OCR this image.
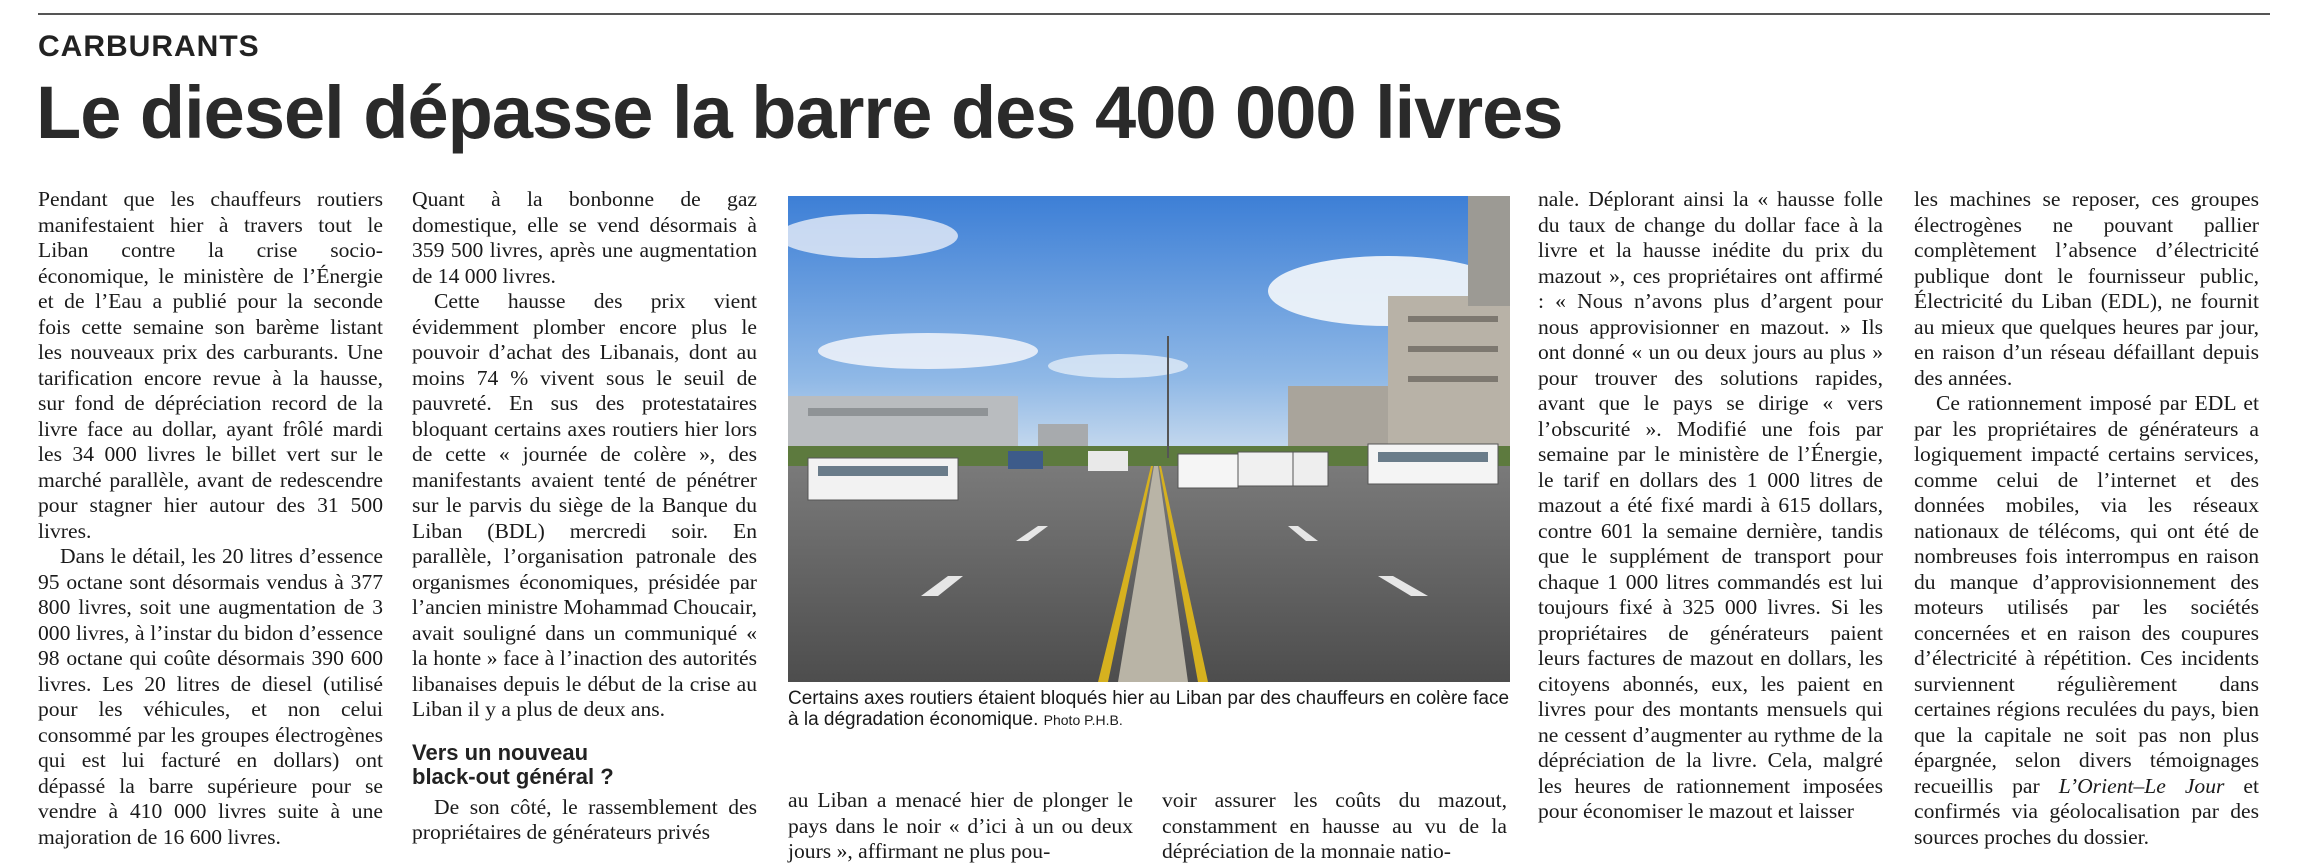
CARBURANTS
Le diesel dépasse la barre des 400 000 livres

Pendant que les chauffeurs routiers manifestaient hier à travers tout le Liban contre la crise socio-économique, le ministère de l’Énergie et de l’Eau a publié pour la seconde fois cette semaine son barème listant les nouveaux prix des carburants. Une tarification encore revue à la hausse, sur fond de dépréciation record de la livre face au dollar, ayant frôlé mardi les 34 000 livres le billet vert sur le marché parallèle, avant de redescendre pour stagner hier autour des 31 500 livres.

Dans le détail, les 20 litres d’essence 95 octane sont désormais vendus à 377 800 livres, soit une augmentation de 3 000 livres, à l’instar du bidon d’essence 98 octane qui coûte désormais 390 600 livres. Les 20 litres de diesel (utilisé pour les véhicules, et non celui consommé par les groupes électrogènes qui est lui facturé en dollars) ont dépassé la barre supérieure pour se vendre à 410 000 livres suite à une majoration de 16 600 livres.

Quant à la bonbonne de gaz domestique, elle se vend désormais à 359 500 livres, après une augmentation de 14 000 livres.

Cette hausse des prix vient évidemment plomber encore plus le pouvoir d’achat des Libanais, dont au moins 74 % vivent sous le seuil de pauvreté. En sus des protestataires bloquant certains axes routiers hier lors de cette « journée de colère », des manifestants avaient tenté de pénétrer sur le parvis du siège de la Banque du Liban (BDL) mercredi soir. En parallèle, l’organisation patronale des organismes économiques, présidée par l’ancien ministre Mohammad Choucair, avait souligné dans un communiqué « la honte » face à l’inaction des autorités libanaises depuis le début de la crise au Liban il y a plus de deux ans.

Vers un nouveau
black-out général ?

De son côté, le rassemblement des propriétaires de générateurs privés

Certains axes routiers étaient bloqués hier au Liban par des chauffeurs en colère face à la dégradation économique. Photo P.H.B.

au Liban a menacé hier de plonger le pays dans le noir « d’ici à un ou deux jours », affirmant ne plus pou-

voir assurer les coûts du mazout, constamment en hausse au vu de la dépréciation de la monnaie natio-

nale. Déplorant ainsi la « hausse folle du taux de change du dollar face à la livre et la hausse inédite du prix du mazout », ces propriétaires ont affirmé : « Nous n’avons plus d’argent pour nous approvisionner en mazout. » Ils ont donné « un ou deux jours au plus » pour trouver des solutions rapides, avant que le pays se dirige « vers l’obscurité ». Modifié une fois par semaine par le ministère de l’Énergie, le tarif en dollars des 1 000 litres de mazout a été fixé mardi à 615 dollars, contre 601 la semaine dernière, tandis que le supplément de transport pour chaque 1 000 litres commandés est lui toujours fixé à 325 000 livres. Si les propriétaires de générateurs paient leurs factures de mazout en dollars, les citoyens abonnés, eux, les paient en livres pour des montants mensuels qui ne cessent d’augmenter au rythme de la dépréciation de la livre. Cela, malgré les heures de rationnement imposées pour économiser le mazout et laisser

les machines se reposer, ces groupes électrogènes ne pouvant pallier complètement l’absence d’électricité publique dont le fournisseur public, Électricité du Liban (EDL), ne fournit au mieux que quelques heures par jour, en raison d’un réseau défaillant depuis des années.

Ce rationnement imposé par EDL et par les propriétaires de générateurs a logiquement impacté certains services, comme celui de l’internet et des données mobiles, via les réseaux nationaux de télécoms, qui ont été de nombreuses fois interrompus en raison du manque d’approvisionnement des moteurs utilisés par les sociétés concernées et en raison des coupures d’électricité à répétition. Ces incidents surviennent régulièrement dans certaines régions reculées du pays, bien que la capitale ne soit pas non plus épargnée, selon divers témoignages recueillis par L’Orient–Le Jour et confirmés via géolocalisation par des sources proches du dossier.
